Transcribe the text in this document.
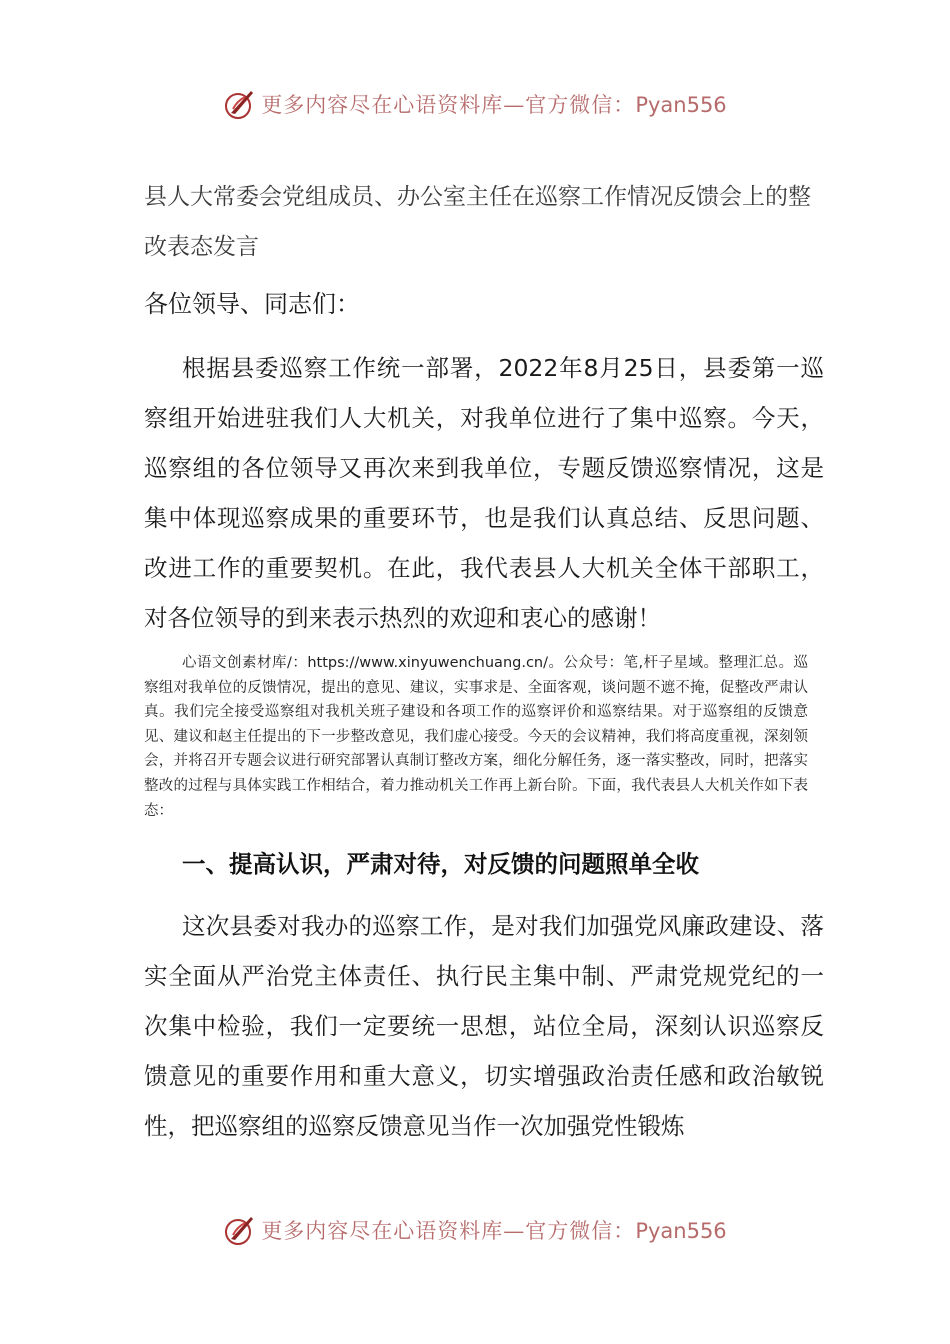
更多内容尽在心语资料库—官方微信：Pyan556
县人大常委会党组成员、办公室主任在巡察工作情况反馈会上的整改表态发言
各位领导、同志们：
根据县委巡察工作统一部署，2022年8月25日，县委第一巡察组开始进驻我们人大机关，对我单位进行了集中巡察。今天，巡察组的各位领导又再次来到我单位，专题反馈巡察情况，这是集中体现巡察成果的重要环节，也是我们认真总结、反思问题、改进工作的重要契机。在此，我代表县人大机关全体干部职工，对各位领导的到来表示热烈的欢迎和衷心的感谢！
心语文创素材库/：https://www.xinyuwenchuang.cn/。公众号：笔,杆子星域。整理汇总。巡察组对我单位的反馈情况，提出的意见、建议，实事求是、全面客观，谈问题不遮不掩，促整改严肃认真。我们完全接受巡察组对我机关班子建设和各项工作的巡察评价和巡察结果。对于巡察组的反馈意见、建议和赵主任提出的下一步整改意见，我们虚心接受。今天的会议精神，我们将高度重视，深刻领会，并将召开专题会议进行研究部署认真制订整改方案，细化分解任务，逐一落实整改，同时，把落实整改的过程与具体实践工作相结合，着力推动机关工作再上新台阶。下面，我代表县人大机关作如下表态：
一、提高认识，严肃对待，对反馈的问题照单全收
这次县委对我办的巡察工作，是对我们加强党风廉政建设、落实全面从严治党主体责任、执行民主集中制、严肃党规党纪的一次集中检验，我们一定要统一思想，站位全局，深刻认识巡察反馈意见的重要作用和重大意义，切实增强政治责任感和政治敏锐性，把巡察组的巡察反馈意见当作一次加强党性锻炼
更多内容尽在心语资料库—官方微信：Pyan556
